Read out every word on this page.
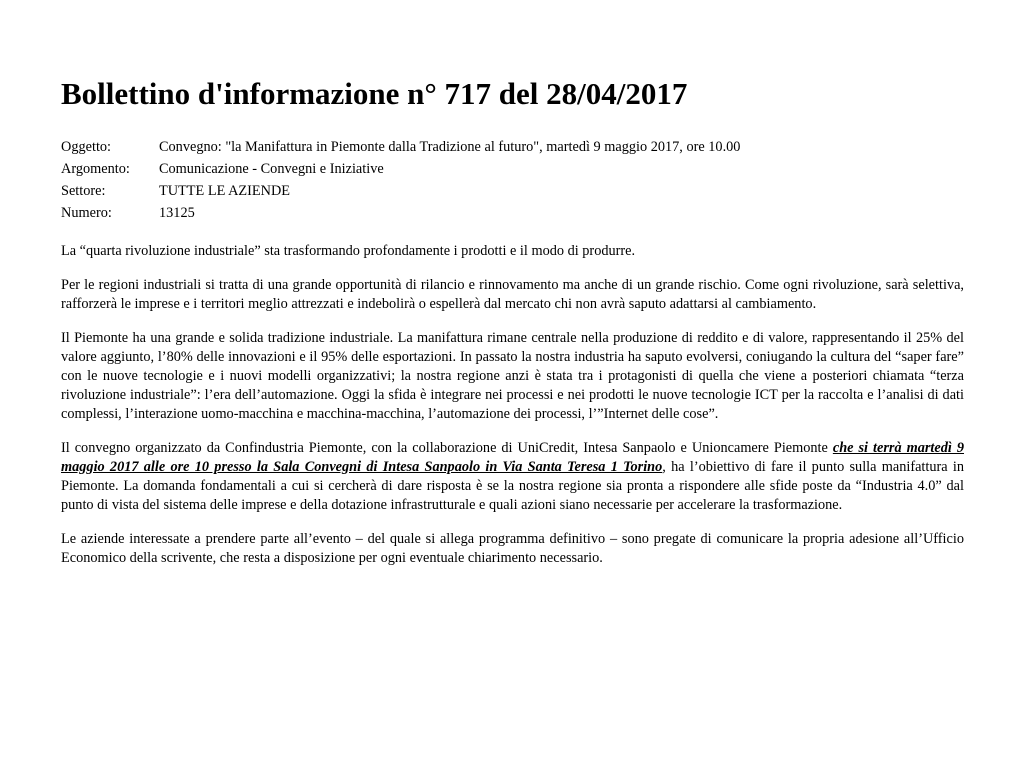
Bollettino d'informazione n° 717 del 28/04/2017
Oggetto:	Convegno: "la Manifattura in Piemonte dalla Tradizione al futuro", martedì 9 maggio 2017, ore 10.00
Argomento:	Comunicazione - Convegni e Iniziative
Settore:	TUTTE LE AZIENDE
Numero:	13125

La “quarta rivoluzione industriale” sta trasformando profondamente i prodotti e il modo di produrre.

Per le regioni industriali si tratta di una grande opportunità di rilancio e rinnovamento ma anche di un grande rischio. Come ogni rivoluzione, sarà selettiva, rafforzerà le imprese e i territori meglio attrezzati e indebolirà o espellerà dal mercato chi non avrà saputo adattarsi al cambiamento.

Il Piemonte ha una grande e solida tradizione industriale. La manifattura rimane centrale nella produzione di reddito e di valore, rappresentando il 25% del valore aggiunto, l’80% delle innovazioni e il 95% delle esportazioni. In passato la nostra industria ha saputo evolversi, coniugando la cultura del “saper fare” con le nuove tecnologie e i nuovi modelli organizzativi; la nostra regione anzi è stata tra i protagonisti di quella che viene a posteriori chiamata “terza rivoluzione industriale”: l’era dell’automazione. Oggi la sfida è integrare nei processi e nei prodotti le nuove tecnologie ICT per la raccolta e l’analisi di dati complessi, l’interazione uomo-macchina e macchina-macchina, l’automazione dei processi, l’”Internet delle cose”.

Il convegno organizzato da Confindustria Piemonte, con la collaborazione di UniCredit, Intesa Sanpaolo e Unioncamere Piemonte che si terrà martedì 9 maggio 2017 alle ore 10 presso la Sala Convegni di Intesa Sanpaolo in Via Santa Teresa 1 Torino, ha l’obiettivo di fare il punto sulla manifattura in Piemonte. La domanda fondamentali a cui si cercherà di dare risposta è se la nostra regione sia pronta a rispondere alle sfide poste da “Industria 4.0” dal punto di vista del sistema delle imprese e della dotazione infrastrutturale e quali azioni siano necessarie per accelerare la trasformazione.

Le aziende interessate a prendere parte all’evento – del quale si allega programma definitivo – sono pregate di comunicare la propria adesione all’Ufficio Economico della scrivente, che resta a disposizione per ogni eventuale chiarimento necessario.
